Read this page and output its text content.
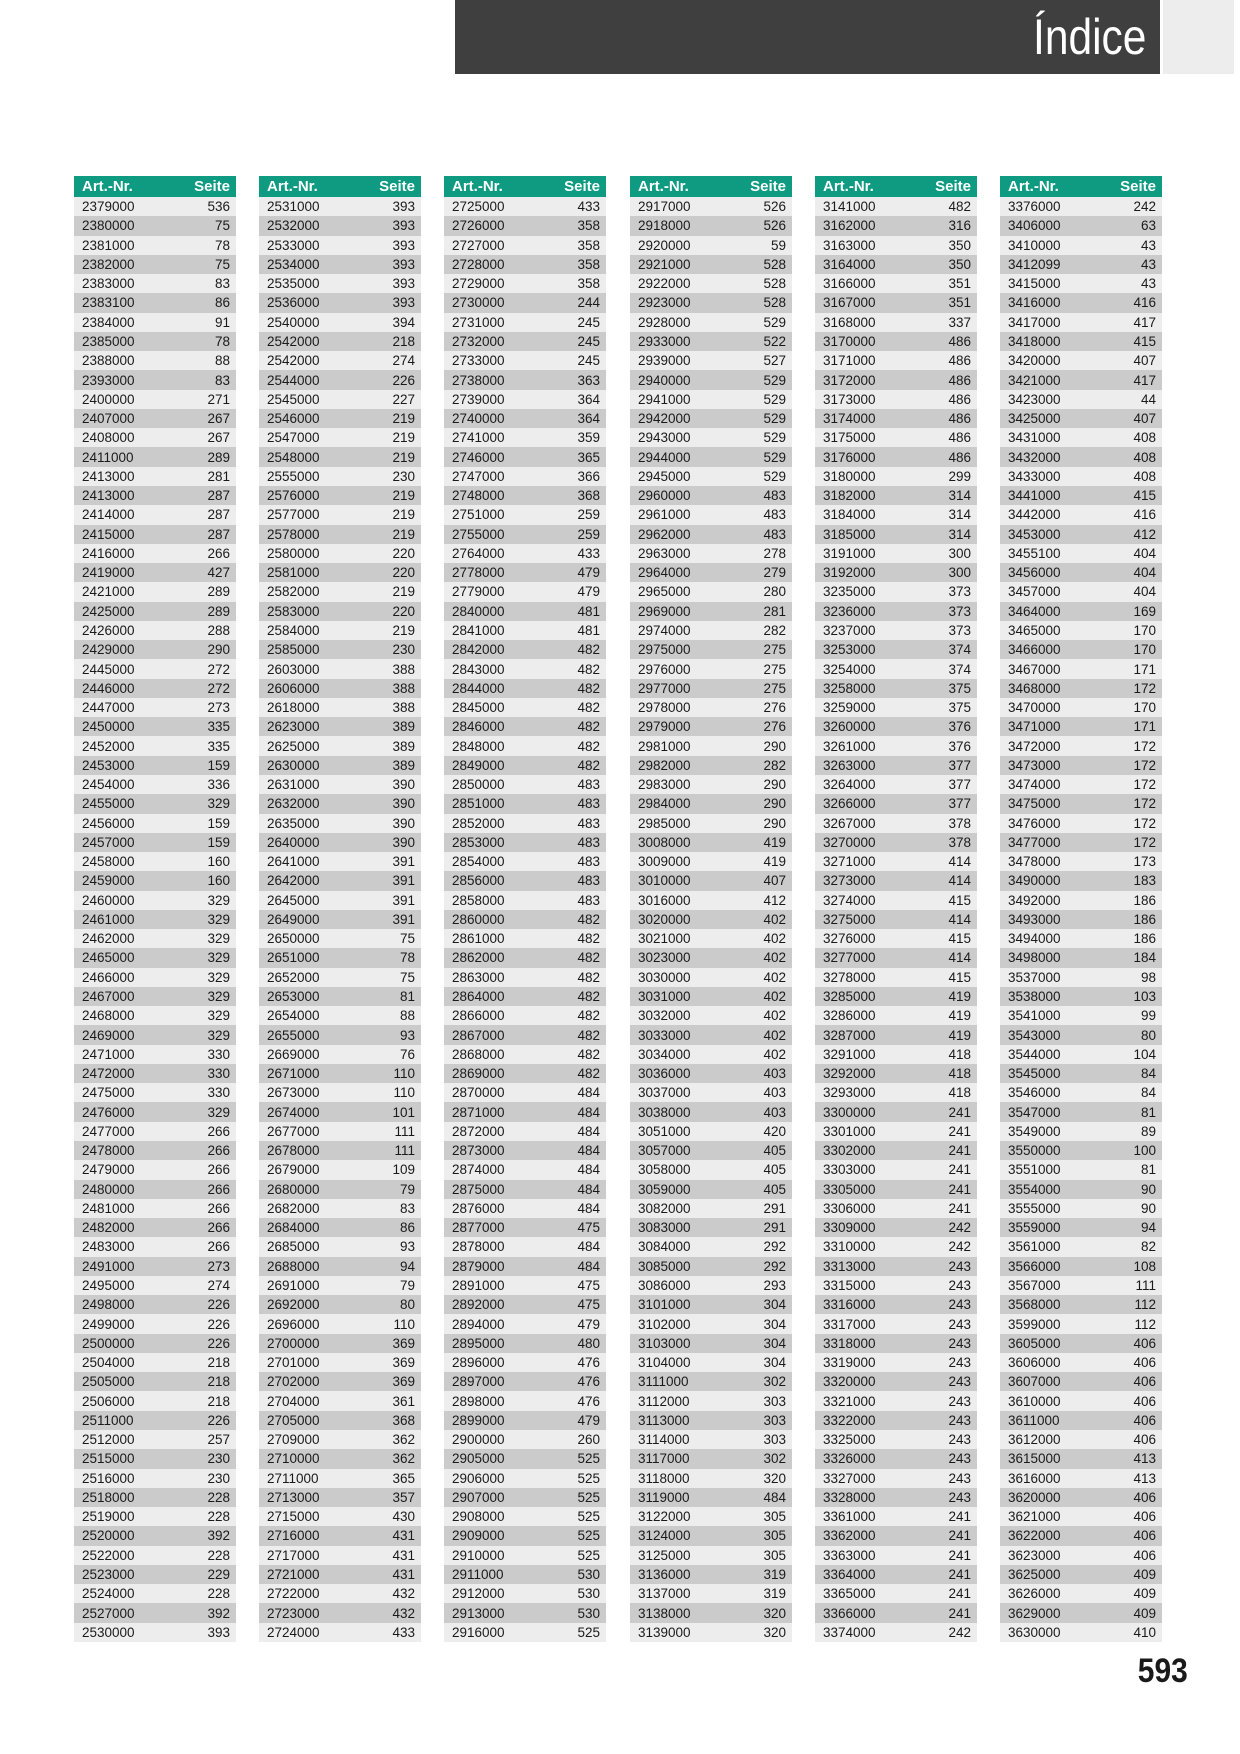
Índice
Art.-Nr.	Seite
2379000	536
2380000	75
2381000	78
2382000	75
2383000	83
2383100	86
2384000	91
2385000	78
2388000	88
2393000	83
2400000	271
2407000	267
2408000	267
2411000	289
2413000	281
2413000	287
2414000	287
2415000	287
2416000	266
2419000	427
2421000	289
2425000	289
2426000	288
2429000	290
2445000	272
2446000	272
2447000	273
2450000	335
2452000	335
2453000	159
2454000	336
2455000	329
2456000	159
2457000	159
2458000	160
2459000	160
2460000	329
2461000	329
2462000	329
2465000	329
2466000	329
2467000	329
2468000	329
2469000	329
2471000	330
2472000	330
2475000	330
2476000	329
2477000	266
2478000	266
2479000	266
2480000	266
2481000	266
2482000	266
2483000	266
2491000	273
2495000	274
2498000	226
2499000	226
2500000	226
2504000	218
2505000	218
2506000	218
2511000	226
2512000	257
2515000	230
2516000	230
2518000	228
2519000	228
2520000	392
2522000	228
2523000	229
2524000	228
2527000	392
2530000	393
Art.-Nr.	Seite
2531000	393
2532000	393
2533000	393
2534000	393
2535000	393
2536000	393
2540000	394
2542000	218
2542000	274
2544000	226
2545000	227
2546000	219
2547000	219
2548000	219
2555000	230
2576000	219
2577000	219
2578000	219
2580000	220
2581000	220
2582000	219
2583000	220
2584000	219
2585000	230
2603000	388
2606000	388
2618000	388
2623000	389
2625000	389
2630000	389
2631000	390
2632000	390
2635000	390
2640000	390
2641000	391
2642000	391
2645000	391
2649000	391
2650000	75
2651000	78
2652000	75
2653000	81
2654000	88
2655000	93
2669000	76
2671000	110
2673000	110
2674000	101
2677000	111
2678000	111
2679000	109
2680000	79
2682000	83
2684000	86
2685000	93
2688000	94
2691000	79
2692000	80
2696000	110
2700000	369
2701000	369
2702000	369
2704000	361
2705000	368
2709000	362
2710000	362
2711000	365
2713000	357
2715000	430
2716000	431
2717000	431
2721000	431
2722000	432
2723000	432
2724000	433
Art.-Nr.	Seite
2725000	433
2726000	358
2727000	358
2728000	358
2729000	358
2730000	244
2731000	245
2732000	245
2733000	245
2738000	363
2739000	364
2740000	364
2741000	359
2746000	365
2747000	366
2748000	368
2751000	259
2755000	259
2764000	433
2778000	479
2779000	479
2840000	481
2841000	481
2842000	482
2843000	482
2844000	482
2845000	482
2846000	482
2848000	482
2849000	482
2850000	483
2851000	483
2852000	483
2853000	483
2854000	483
2856000	483
2858000	483
2860000	482
2861000	482
2862000	482
2863000	482
2864000	482
2866000	482
2867000	482
2868000	482
2869000	482
2870000	484
2871000	484
2872000	484
2873000	484
2874000	484
2875000	484
2876000	484
2877000	475
2878000	484
2879000	484
2891000	475
2892000	475
2894000	479
2895000	480
2896000	476
2897000	476
2898000	476
2899000	479
2900000	260
2905000	525
2906000	525
2907000	525
2908000	525
2909000	525
2910000	525
2911000	530
2912000	530
2913000	530
2916000	525
Art.-Nr.	Seite
2917000	526
2918000	526
2920000	59
2921000	528
2922000	528
2923000	528
2928000	529
2933000	522
2939000	527
2940000	529
2941000	529
2942000	529
2943000	529
2944000	529
2945000	529
2960000	483
2961000	483
2962000	483
2963000	278
2964000	279
2965000	280
2969000	281
2974000	282
2975000	275
2976000	275
2977000	275
2978000	276
2979000	276
2981000	290
2982000	282
2983000	290
2984000	290
2985000	290
3008000	419
3009000	419
3010000	407
3016000	412
3020000	402
3021000	402
3023000	402
3030000	402
3031000	402
3032000	402
3033000	402
3034000	402
3036000	403
3037000	403
3038000	403
3051000	420
3057000	405
3058000	405
3059000	405
3082000	291
3083000	291
3084000	292
3085000	292
3086000	293
3101000	304
3102000	304
3103000	304
3104000	304
3111000	302
3112000	303
3113000	303
3114000	303
3117000	302
3118000	320
3119000	484
3122000	305
3124000	305
3125000	305
3136000	319
3137000	319
3138000	320
3139000	320
Art.-Nr.	Seite
3141000	482
3162000	316
3163000	350
3164000	350
3166000	351
3167000	351
3168000	337
3170000	486
3171000	486
3172000	486
3173000	486
3174000	486
3175000	486
3176000	486
3180000	299
3182000	314
3184000	314
3185000	314
3191000	300
3192000	300
3235000	373
3236000	373
3237000	373
3253000	374
3254000	374
3258000	375
3259000	375
3260000	376
3261000	376
3263000	377
3264000	377
3266000	377
3267000	378
3270000	378
3271000	414
3273000	414
3274000	415
3275000	414
3276000	415
3277000	414
3278000	415
3285000	419
3286000	419
3287000	419
3291000	418
3292000	418
3293000	418
3300000	241
3301000	241
3302000	241
3303000	241
3305000	241
3306000	241
3309000	242
3310000	242
3313000	243
3315000	243
3316000	243
3317000	243
3318000	243
3319000	243
3320000	243
3321000	243
3322000	243
3325000	243
3326000	243
3327000	243
3328000	243
3361000	241
3362000	241
3363000	241
3364000	241
3365000	241
3366000	241
3374000	242
Art.-Nr.	Seite
3376000	242
3406000	63
3410000	43
3412099	43
3415000	43
3416000	416
3417000	417
3418000	415
3420000	407
3421000	417
3423000	44
3425000	407
3431000	408
3432000	408
3433000	408
3441000	415
3442000	416
3453000	412
3455100	404
3456000	404
3457000	404
3464000	169
3465000	170
3466000	170
3467000	171
3468000	172
3470000	170
3471000	171
3472000	172
3473000	172
3474000	172
3475000	172
3476000	172
3477000	172
3478000	173
3490000	183
3492000	186
3493000	186
3494000	186
3498000	184
3537000	98
3538000	103
3541000	99
3543000	80
3544000	104
3545000	84
3546000	84
3547000	81
3549000	89
3550000	100
3551000	81
3554000	90
3555000	90
3559000	94
3561000	82
3566000	108
3567000	111
3568000	112
3599000	112
3605000	406
3606000	406
3607000	406
3610000	406
3611000	406
3612000	406
3615000	413
3616000	413
3620000	406
3621000	406
3622000	406
3623000	406
3625000	409
3626000	409
3629000	409
3630000	410
593
